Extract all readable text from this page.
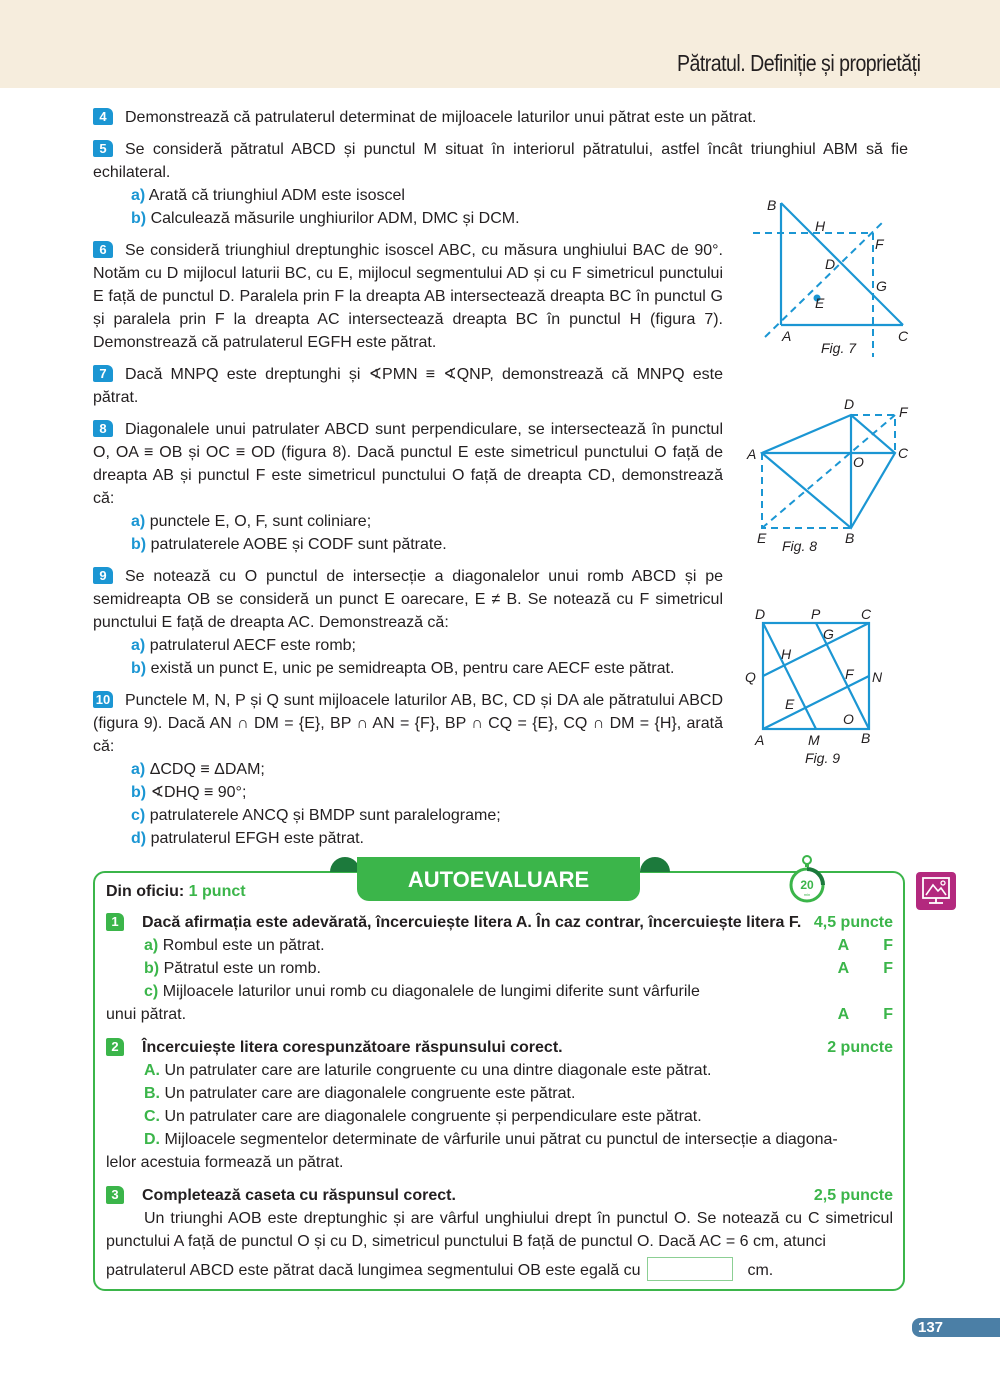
Pătratul. Definiție și proprietăți

4 Demonstrează că patrulaterul determinat de mijloacele laturilor unui pătrat este un pătrat.

5 Se consideră pătratul ABCD și punctul M situat în interiorul pătratului, astfel încât triunghiul ABM să fie echilateral.
a) Arată că triunghiul ADM este isoscel
b) Calculează măsurile unghiurilor ADM, DMC și DCM.

6 Se consideră triunghiul dreptunghic isoscel ABC, cu măsura unghiului BAC de 90°. Notăm cu D mijlocul laturii BC, cu E, mijlocul segmentului AD și cu F simetricul punctului E față de punctul D. Paralela prin F la dreapta AB intersectează dreapta BC în punctul G și paralela prin F la dreapta AC intersectează dreapta BC în punctul H (figura 7). Demonstrează că patrulaterul EGFH este pătrat.

7 Dacă MNPQ este dreptunghi și ∢PMN ≡ ∢QNP, demonstrează că MNPQ este pătrat.

8 Diagonalele unui patrulater ABCD sunt perpendiculare, se intersectează în punctul O, OA ≡ OB și OC ≡ OD (figura 8). Dacă punctul E este simetricul punctului O față de dreapta AB și punctul F este simetricul punctului O față de dreapta CD, demonstrează că:
a) punctele E, O, F, sunt coliniare;
b) patrulaterele AOBE și CODF sunt pătrate.

9 Se notează cu O punctul de intersecție a diagonalelor unui romb ABCD și pe semidreapta OB se consideră un punct E oarecare, E ≠ B. Se notează cu F simetricul punctului E față de dreapta AC. Demonstrează că:
a) patrulaterul AECF este romb;
b) există un punct E, unic pe semidreapta OB, pentru care AECF este pătrat.

10 Punctele M, N, P și Q sunt mijloacele laturilor AB, BC, CD și DA ale pătratului ABCD (figura 9). Dacă AN ∩ DM = {E}, BP ∩ AN = {F}, BP ∩ CQ = {E}, CQ ∩ DM = {H}, arată că:
a) ΔCDQ ≡ ΔDAM;
b) ∢DHQ ≡ 90°;
c) patrulaterele ANCQ și BMDP sunt paralelograme;
d) patrulaterul EFGH este pătrat.

B
H
F
D
G
E
A	C
Fig. 7
D	F
A	O
C
E	B
Fig. 8
D	P	C
G
H
Q	F N
E
O
A	M	B
Fig. 9
AUTOEVALUARE	20
min
Din oficiu: 1 punct
1 Dacă afirmația este adevărată, încercuiește litera A. În caz contrar, încercuiește litera F. 4,5 puncte
a) Rombul este un pătrat.	A F
b) Pătratul este un romb.	A F
c) Mijloacele laturilor unui romb cu diagonalele de lungimi diferite sunt vârfurile
unui pătrat.	A F
2 Încercuiește litera corespunzătoare răspunsului corect.	2 puncte
A. Un patrulater care are laturile congruente cu una dintre diagonale este pătrat.
B. Un patrulater care are diagonalele congruente este pătrat.
C. Un patrulater care are diagonalele congruente și perpendiculare este pătrat.
D. Mijloacele segmentelor determinate de vârfurile unui pătrat cu punctul de intersecție a diagona-
lelor acestuia formează un pătrat.
3 Completează caseta cu răspunsul corect.	2,5 puncte
Un triunghi AOB este dreptunghic și are vârful unghiului drept în punctul O. Se notează cu C simetricul punctului A față de punctul O și cu D, simetricul punctului B față de punctul O. Dacă AC = 6 cm, atunci
patrulaterul ABCD este pătrat dacă lungimea segmentului OB este egală cu	cm.
137
